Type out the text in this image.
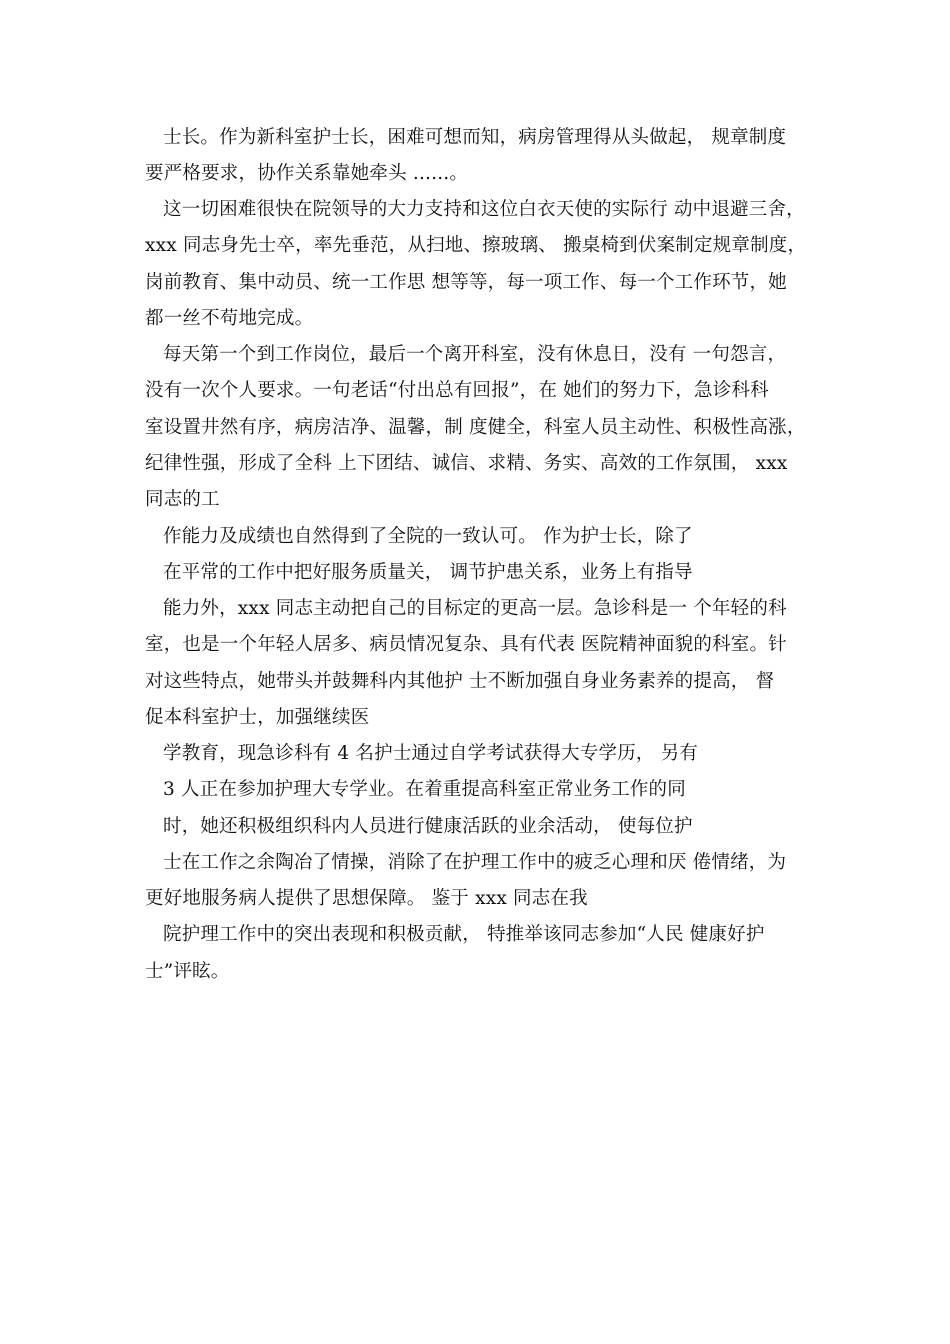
士长。作为新科室护士长，困难可想而知，病房管理得从头做起， 规章制度
要严格要求，协作关系靠她牵头 ......。
这一切困难很快在院领导的大力支持和这位白衣天使的实际行 动中退避三舍，
xxx 同志身先士卒，率先垂范，从扫地、擦玻璃、 搬桌椅到伏案制定规章制度，
岗前教育、集中动员、统一工作思 想等等，每一项工作、每一个工作环节，她
都一丝不苟地完成。
每天第一个到工作岗位，最后一个离开科室，没有休息日，没有 一句怨言，
没有一次个人要求。一句老话“付出总有回报”，在 她们的努力下，急诊科科
室设置井然有序，病房洁净、温馨，制 度健全，科室人员主动性、积极性高涨，
纪律性强，形成了全科 上下团结、诚信、求精、务实、高效的工作氛围， xxx
同志的工
作能力及成绩也自然得到了全院的一致认可。 作为护士长，除了
在平常的工作中把好服务质量关， 调节护患关系，业务上有指导
能力外，xxx 同志主动把自己的目标定的更高一层。急诊科是一 个年轻的科
室，也是一个年轻人居多、病员情况复杂、具有代表 医院精神面貌的科室。针
对这些特点，她带头并鼓舞科内其他护 士不断加强自身业务素养的提高， 督
促本科室护士，加强继续医
学教育，现急诊科有 4 名护士通过自学考试获得大专学历， 另有
3 人正在参加护理大专学业。在着重提高科室正常业务工作的同
时，她还积极组织科内人员进行健康活跃的业余活动， 使每位护
士在工作之余陶冶了情操，消除了在护理工作中的疲乏心理和厌 倦情绪，为
更好地服务病人提供了思想保障。 鉴于 xxx 同志在我
院护理工作中的突出表现和积极贡献， 特推举该同志参加“人民 健康好护
士”评眩。
